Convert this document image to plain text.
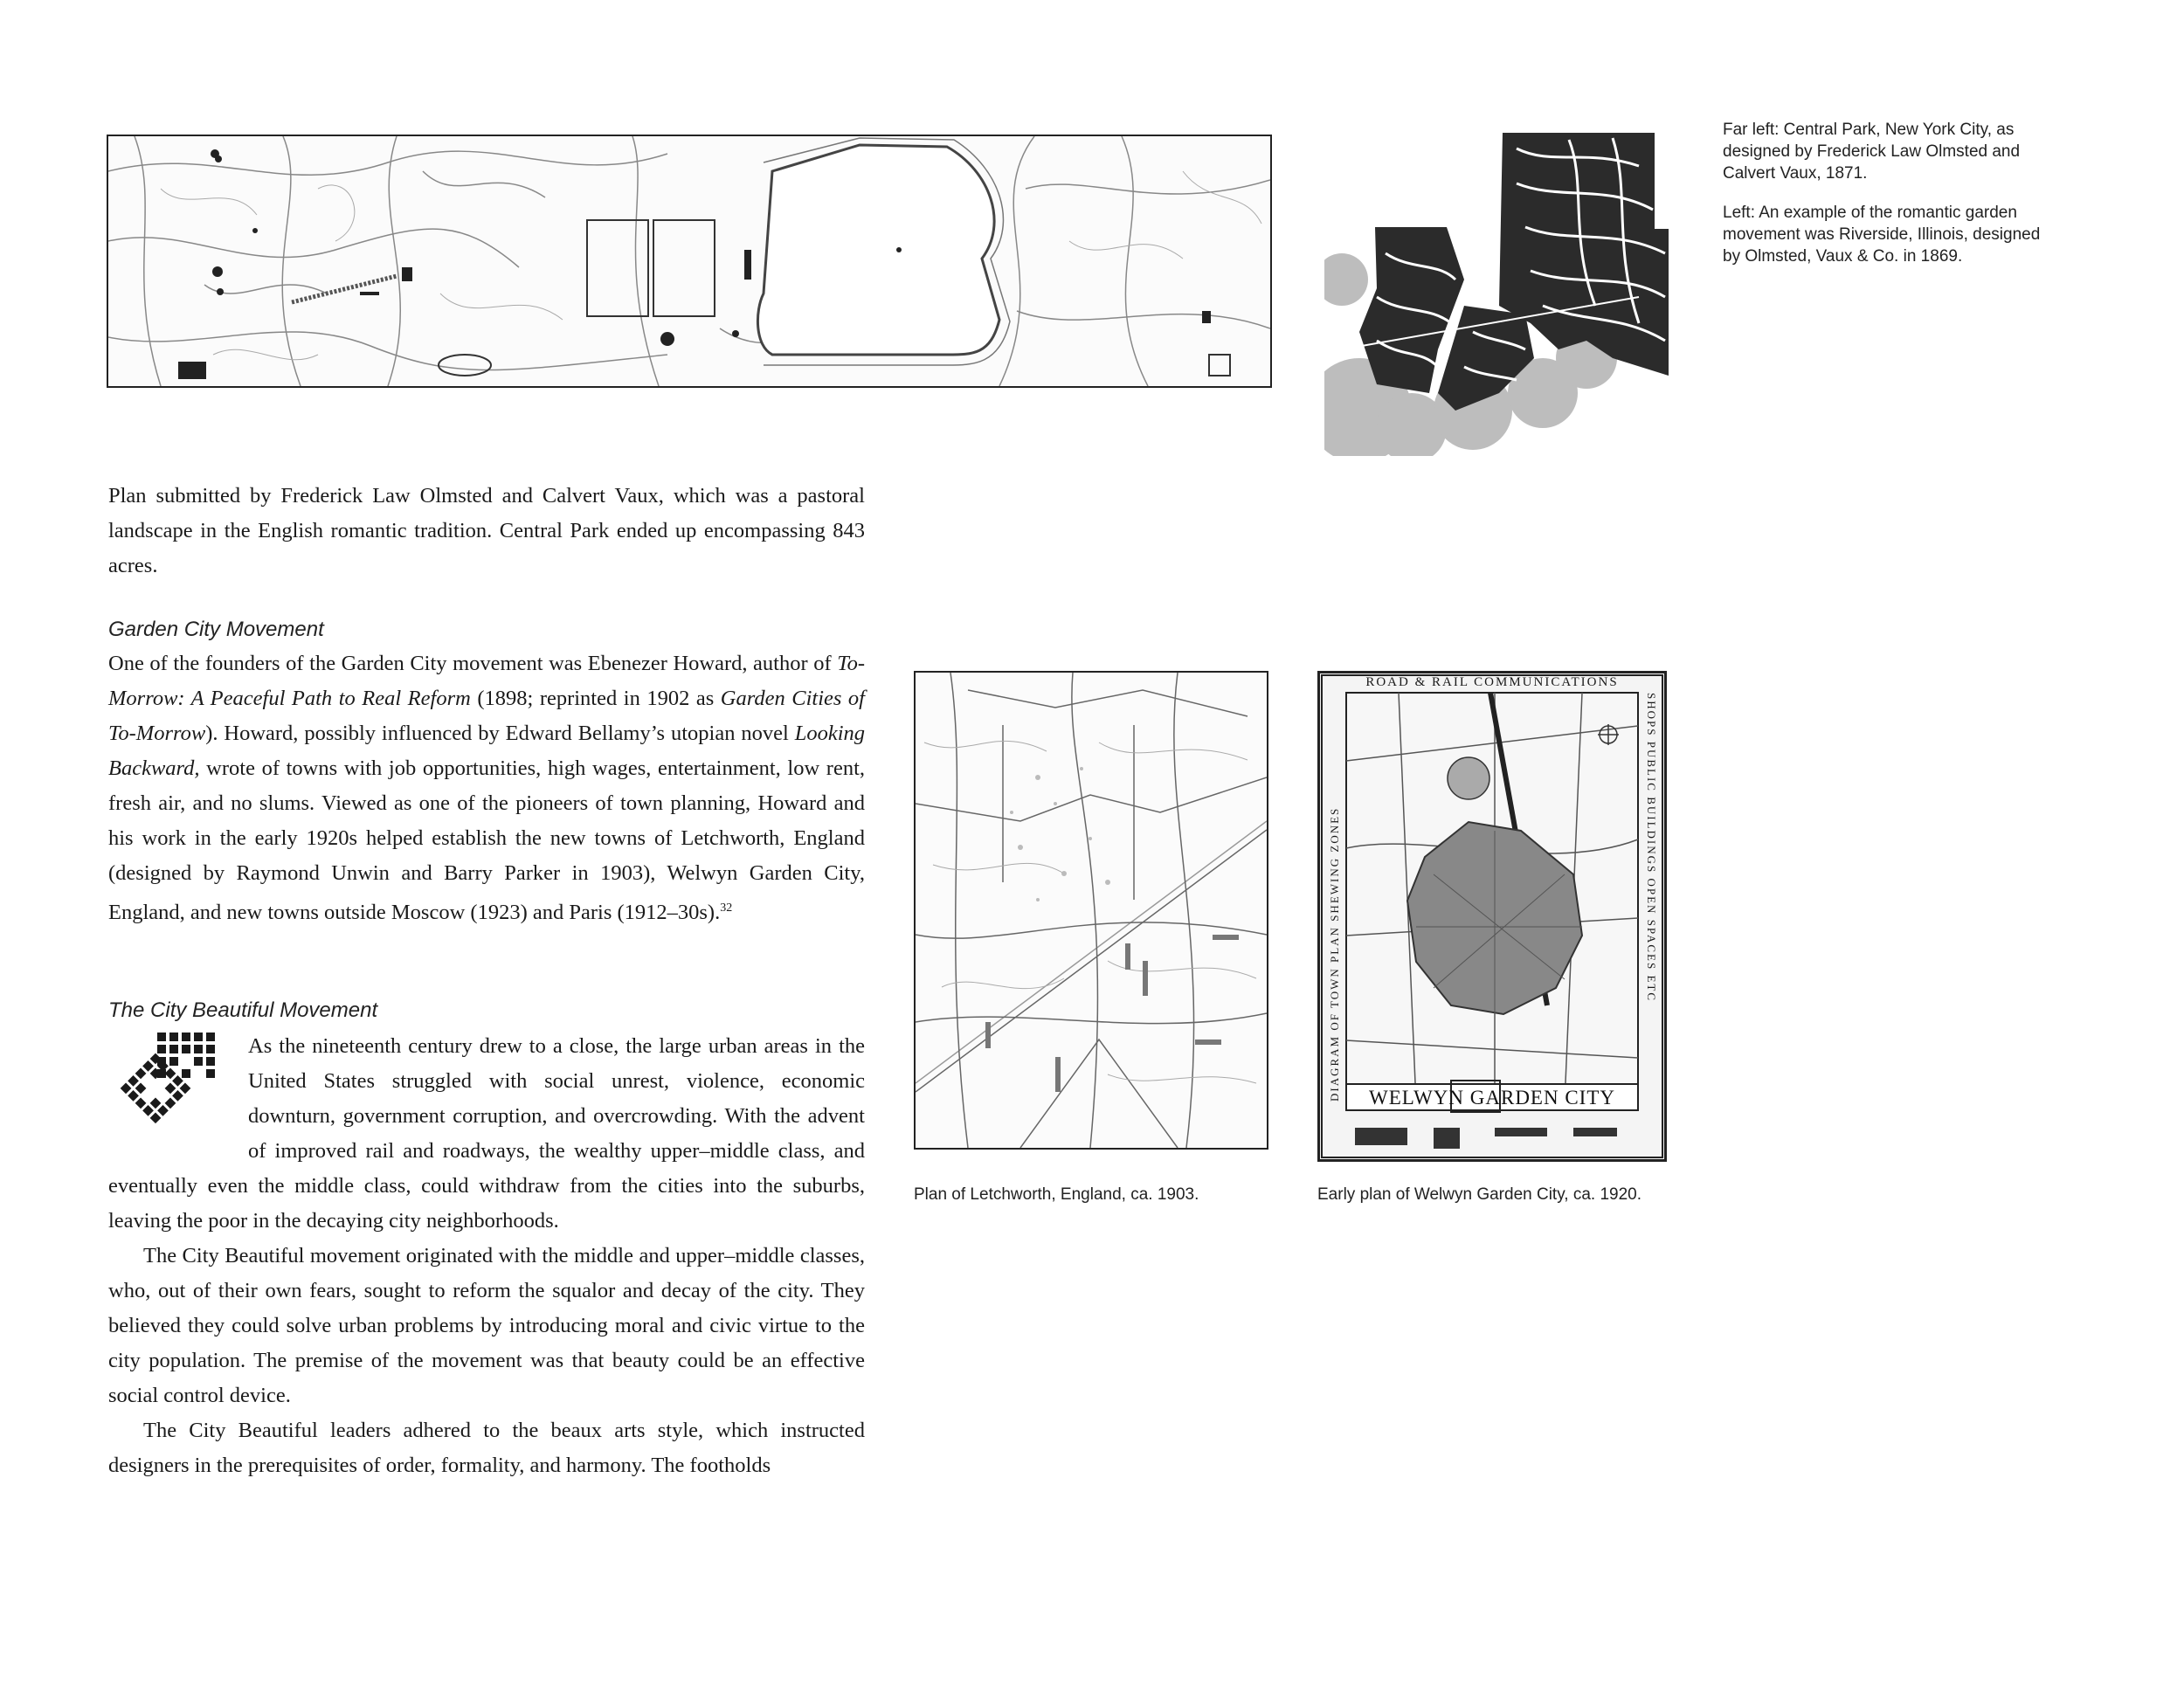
Far left: Central Park, New York City, as designed by Frederick Law Olmsted and Calvert Vaux, 1871.

Left: An example of the romantic garden movement was Riverside, Illinois, designed by Olmsted, Vaux & Co. in 1869.

Plan submitted by Frederick Law Olmsted and Calvert Vaux, which was a pastoral landscape in the English romantic tradition. Central Park ended up encompassing 843 acres.

Garden City Movement

One of the founders of the Garden City movement was Ebenezer Howard, author of To-Morrow: A Peaceful Path to Real Reform (1898; reprinted in 1902 as Garden Cities of To-Morrow). Howard, possibly influenced by Edward Bellamy’s utopian novel Looking Backward, wrote of towns with job opportunities, high wages, entertainment, low rent, fresh air, and no slums. Viewed as one of the pioneers of town planning, Howard and his work in the early 1920s helped establish the new towns of Letchworth, England (designed by Raymond Unwin and Barry Parker in 1903), Welwyn Garden City, England, and new towns outside Moscow (1923) and Paris (1912–30s).$^{32}$

The City Beautiful Movement

As the nineteenth century drew to a close, the large urban areas in the United States struggled with social unrest, violence, economic downturn, government corruption, and overcrowding. With the advent of improved rail and roadways, the wealthy upper–middle class, and eventually even the middle class, could withdraw from the cities into the suburbs, leaving the poor in the decaying city neighborhoods.

The City Beautiful movement originated with the middle and upper–middle classes, who, out of their own fears, sought to reform the squalor and decay of the city. They believed they could solve urban problems by introducing moral and civic virtue to the city population. The premise of the movement was that beauty could be an effective social control device.

The City Beautiful leaders adhered to the beaux arts style, which instructed designers in the prerequisites of order, formality, and harmony. The footholds

ROAD & RAIL COMMUNICATIONS
DIAGRAM OF TOWN PLAN SHEWING ZONES	SHOPS PUBLIC BUILDINGS OPEN SPACES ETC
WELWYN GARDEN CITY
Plan of Letchworth, England, ca. 1903.	Early plan of Welwyn Garden City, ca. 1920.
